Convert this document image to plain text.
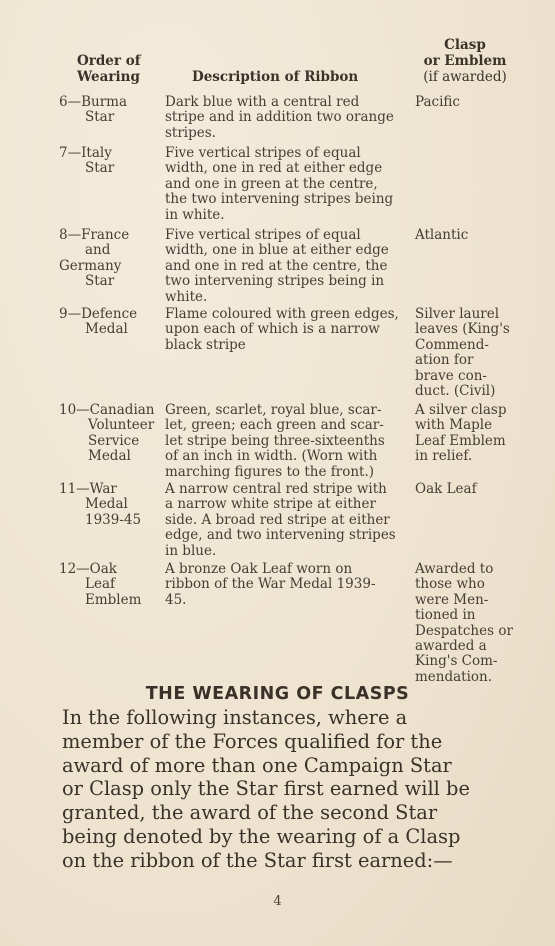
Order of
Wearing	Description of Ribbon
Clasp
or Emblem
(if awarded)
6—Burma
Star
Dark blue with a central red
stripe and in addition two orange
stripes.
Pacific
7—Italy
Star
Five vertical stripes of equal
width, one in red at either edge
and one in green at the centre,
the two intervening stripes being
in white.
8—France
and
Germany
Star
Five vertical stripes of equal
width, one in blue at either edge
and one in red at the centre, the
two intervening stripes being in
white.
Atlantic
9—Defence
Medal
Flame coloured with green edges,
upon each of which is a narrow
black stripe
Silver laurel
leaves (King's
Commend-
ation for
brave con-
duct. (Civil)
10—Canadian
Volunteer
Service
Medal
Green, scarlet, royal blue, scar-
let, green; each green and scar-
let stripe being three-sixteenths
of an inch in width. (Worn with
marching figures to the front.)
A silver clasp
with Maple
Leaf Emblem
in relief.
11—War
Medal
1939-45
A narrow central red stripe with
a narrow white stripe at either
side. A broad red stripe at either
edge, and two intervening stripes
in blue.
Oak Leaf
12—Oak
Leaf
Emblem
A bronze Oak Leaf worn on
ribbon of the War Medal 1939-
45.
Awarded to
those who
were Men-
tioned in
Despatches or
awarded a
King's Com-
mendation.
THE WEARING OF CLASPS
In the following instances, where a
member of the Forces qualified for the
award of more than one Campaign Star
or Clasp only the Star first earned will be
granted, the award of the second Star
being denoted by the wearing of a Clasp
on the ribbon of the Star first earned:—
4
